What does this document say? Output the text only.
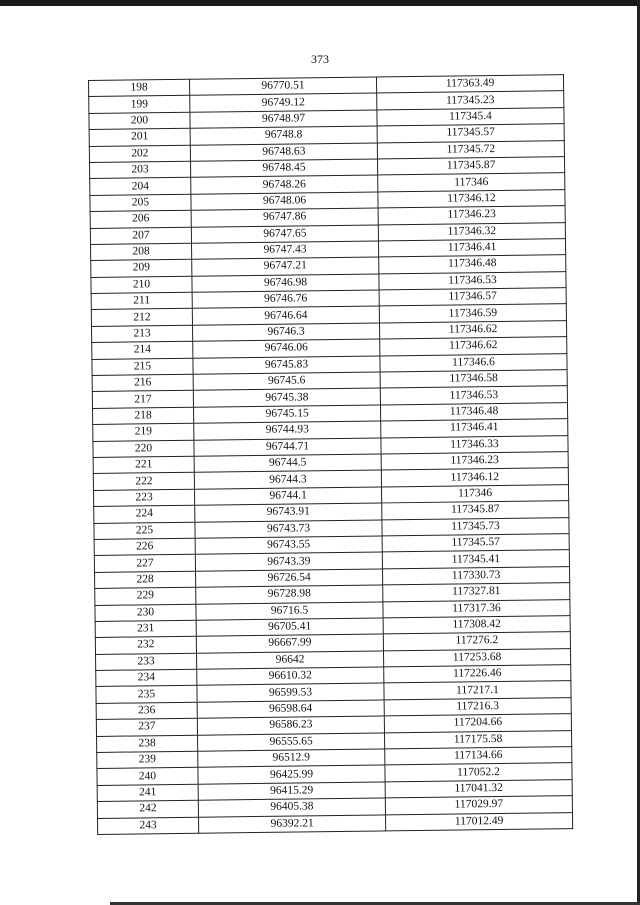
373
198	96770.51	117363.49
199	96749.12	117345.23
200	96748.97	117345.4
201	96748.8	117345.57
202	96748.63	117345.72
203	96748.45	117345.87
204	96748.26	117346
205	96748.06	117346.12
206	96747.86	117346.23
207	96747.65	117346.32
208	96747.43	117346.41
209	96747.21	117346.48
210	96746.98	117346.53
211	96746.76	117346.57
212	96746.64	117346.59
213	96746.3	117346.62
214	96746.06	117346.62
215	96745.83	117346.6
216	96745.6	117346.58
217	96745.38	117346.53
218	96745.15	117346.48
219	96744.93	117346.41
220	96744.71	117346.33
221	96744.5	117346.23
222	96744.3	117346.12
223	96744.1	117346
224	96743.91	117345.87
225	96743.73	117345.73
226	96743.55	117345.57
227	96743.39	117345.41
228	96726.54	117330.73
229	96728.98	117327.81
230	96716.5	117317.36
231	96705.41	117308.42
232	96667.99	117276.2
233	96642	117253.68
234	96610.32	117226.46
235	96599.53	117217.1
236	96598.64	117216.3
237	96586.23	117204.66
238	96555.65	117175.58
239	96512.9	117134.66
240	96425.99	117052.2
241	96415.29	117041.32
242	96405.38	117029.97
243	96392.21	117012.49
